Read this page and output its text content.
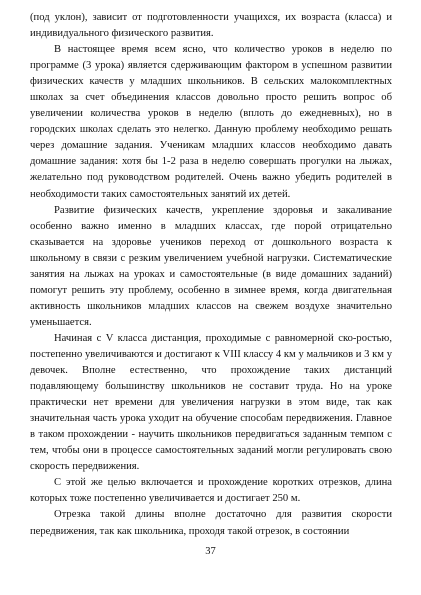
(под уклон), зависит от подготовленности учащихся, их возраста (класса) и индивидуального физического развития.

В настоящее время всем ясно, что количество уроков в неделю по программе (3 урока) является сдерживающим фактором в успешном развитии физических качеств у младших школьников. В сельских малокомплектных школах за счет объединения классов довольно просто решить вопрос об увеличении количества уроков в неделю (вплоть до ежедневных), но в городских школах сделать это нелегко. Данную проблему необходимо решать через домашние задания. Ученикам младших классов необходимо давать домашние задания: хотя бы 1-2 раза в неделю совершать прогулки на лыжах, желательно под руководством родителей. Очень важно убедить родителей в необходимости таких самостоятельных занятий их детей.

Развитие физических качеств, укрепление здоровья и закаливание особенно важно именно в младших классах, где порой отрицательно сказывается на здоровье учеников переход от дошкольного возраста к школьному в связи с резким увеличением учебной нагрузки. Систематические занятия на лыжах на уроках и самостоятельные (в виде домашних заданий) помогут решить эту проблему, особенно в зимнее время, когда двигательная активность школьников младших классов на свежем воздухе значительно уменьшается.

Начиная с V класса дистанция, проходимые с равномерной ско-ростью, постепенно увеличиваются и достигают к VIII классу 4 км у мальчиков и 3 км у девочек. Вполне естественно, что прохождение таких дистанций подавляющему большинству школьников не составит труда. Но на уроке практически нет времени для увеличения нагрузки в этом виде, так как значительная часть урока уходит на обучение способам передвижения. Главное в таком прохождении - научить школьников передвигаться заданным темпом с тем, чтобы они в процессе самостоятельных заданий могли регулировать свою скорость передвижения.

С этой же целью включается и прохождение коротких отрезков, длина которых тоже постепенно увеличивается и достигает 250 м.

Отрезка такой длины вполне достаточно для развития скорости передвижения, так как школьника, проходя такой отрезок, в состоянии

37
